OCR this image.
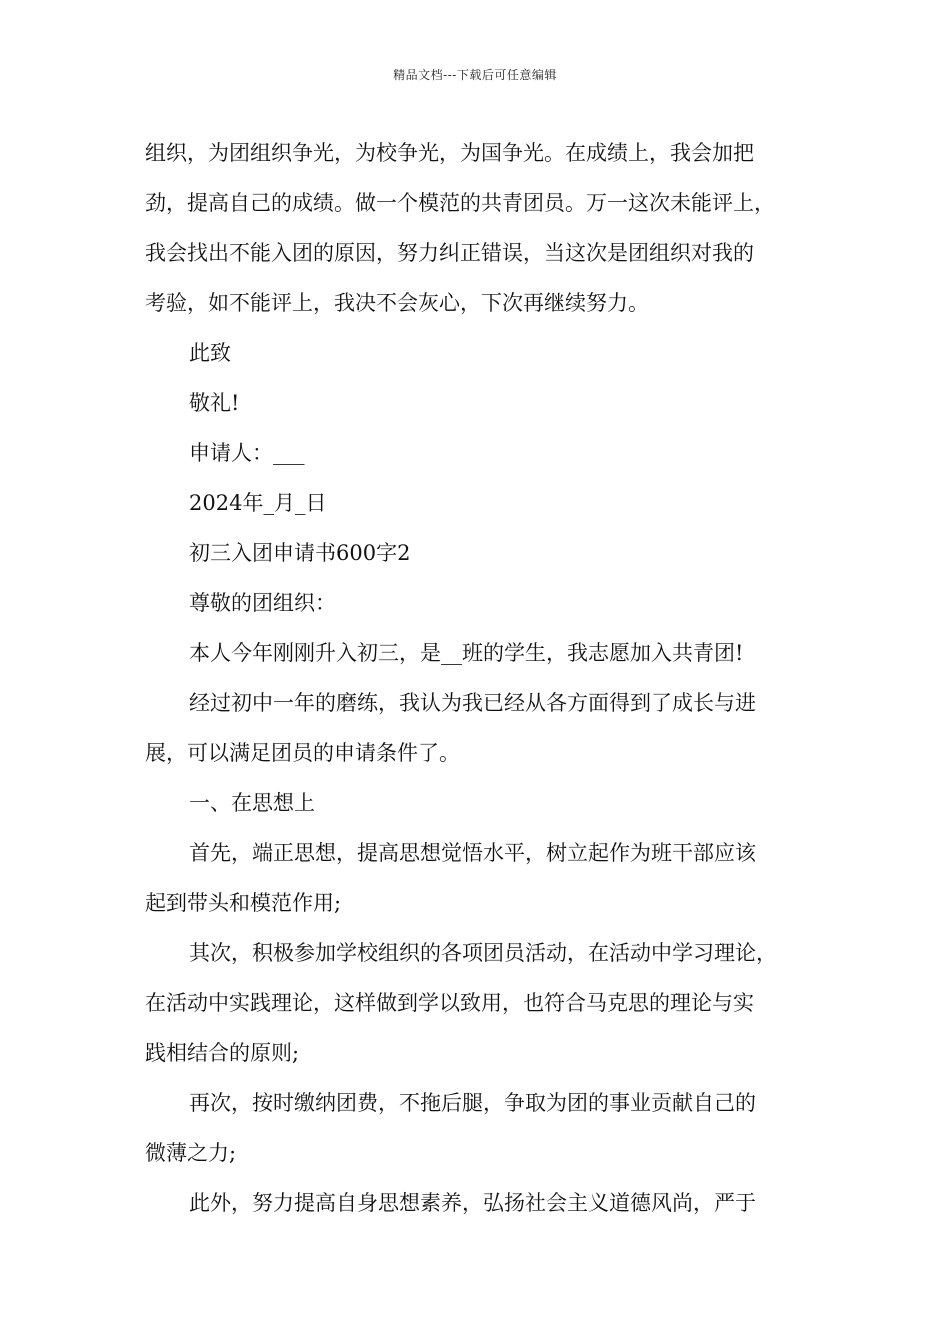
精品文档---下载后可任意编辑

组织，为团组织争光，为校争光，为国争光。在成绩上，我会加把
劲，提高自己的成绩。做一个模范的共青团员。万一这次未能评上，
我会找出不能入团的原因，努力纠正错误，当这次是团组织对我的
考验，如不能评上，我决不会灰心，下次再继续努力。

此致

敬礼!

申请人：___

2024年_月_日

初三入团申请书600字2

尊敬的团组织：

本人今年刚刚升入初三，是__班的学生，我志愿加入共青团!

经过初中一年的磨练，我认为我已经从各方面得到了成长与进
展，可以满足团员的申请条件了。

一、在思想上

首先，端正思想，提高思想觉悟水平，树立起作为班干部应该
起到带头和模范作用;

其次，积极参加学校组织的各项团员活动，在活动中学习理论，
在活动中实践理论，这样做到学以致用，也符合马克思的理论与实
践相结合的原则;

再次，按时缴纳团费，不拖后腿，争取为团的事业贡献自己的
微薄之力;

此外，努力提高自身思想素养，弘扬社会主义道德风尚，严于
